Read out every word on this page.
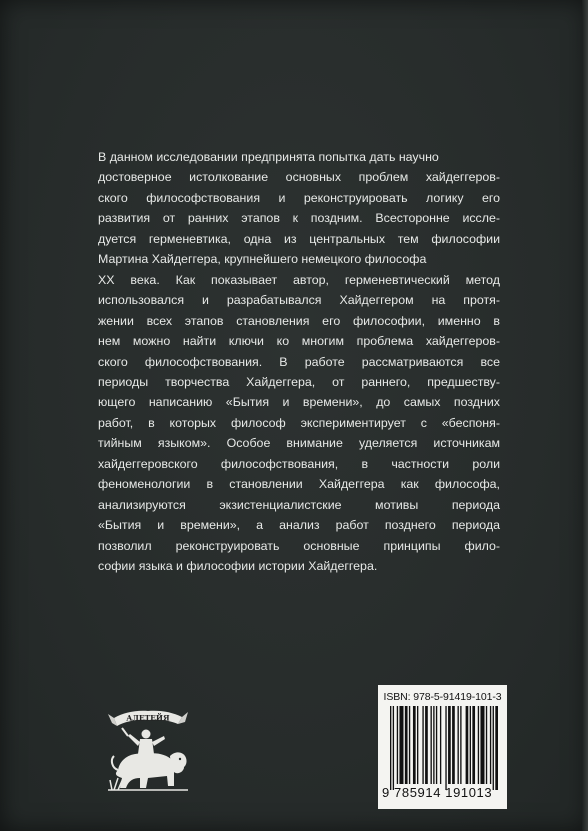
В данном исследовании предпринята попытка дать научно
достоверное истолкование основных проблем хайдеггеров-
ского философствования и реконструировать логику его
развития от ранних этапов к поздним. Всесторонне иссле-
дуется герменевтика, одна из центральных тем философии
Мартина Хайдеггера, крупнейшего немецкого философа
XX века. Как показывает автор, герменевтический метод
использовался и разрабатывался Хайдеггером на протя-
жении всех этапов становления его философии, именно в
нем можно найти ключи ко многим проблема хайдеггеров-
ского философствования. В работе рассматриваются все
периоды творчества Хайдеггера, от раннего, предшеству-
ющего написанию «Бытия и времени», до самых поздних
работ, в которых философ экспериментирует с «беспоня-
тийным языком». Особое внимание уделяется источникам
хайдеггеровского философствования, в частности роли
феноменологии в становлении Хайдеггера как философа,
анализируются экзистенциалистские мотивы периода
«Бытия и времени», а анализ работ позднего периода
позволил реконструировать основные принципы фило-
софии языка и философии истории Хайдеггера.
ΑЛЕТЕЙЯ
ISBN: 978-5-91419-101-3
9 785914 191013
